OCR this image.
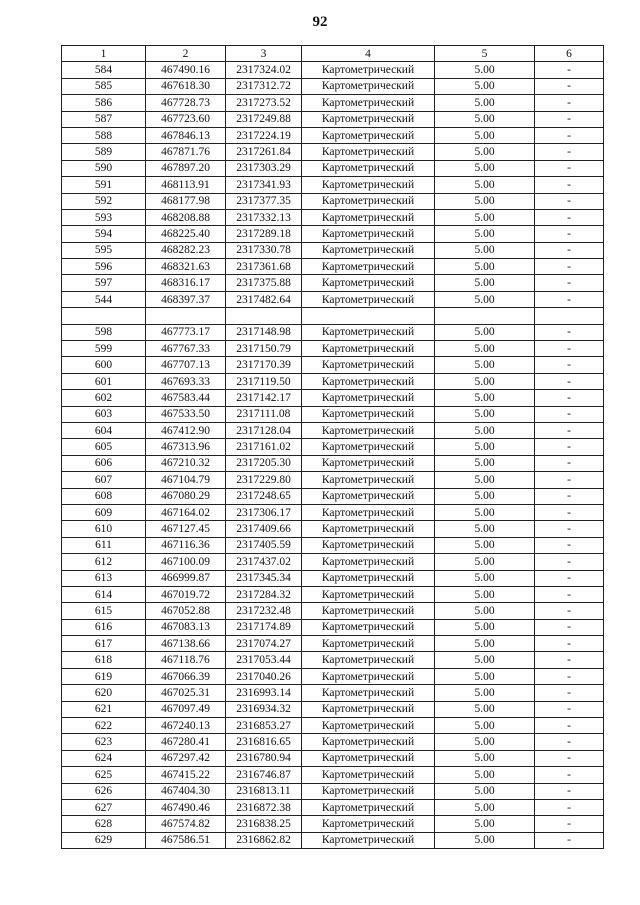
92
1	2	3	4	5	6
584	467490.16	2317324.02	Картометрический	5.00	-
585	467618.30	2317312.72	Картометрический	5.00	-
586	467728.73	2317273.52	Картометрический	5.00	-
587	467723.60	2317249.88	Картометрический	5.00	-
588	467846.13	2317224.19	Картометрический	5.00	-
589	467871.76	2317261.84	Картометрический	5.00	-
590	467897.20	2317303.29	Картометрический	5.00	-
591	468113.91	2317341.93	Картометрический	5.00	-
592	468177.98	2317377.35	Картометрический	5.00	-
593	468208.88	2317332.13	Картометрический	5.00	-
594	468225.40	2317289.18	Картометрический	5.00	-
595	468282.23	2317330.78	Картометрический	5.00	-
596	468321.63	2317361.68	Картометрический	5.00	-
597	468316.17	2317375.88	Картометрический	5.00	-
544	468397.37	2317482.64	Картометрический	5.00	-

598	467773.17	2317148.98	Картометрический	5.00	-
599	467767.33	2317150.79	Картометрический	5.00	-
600	467707.13	2317170.39	Картометрический	5.00	-
601	467693.33	2317119.50	Картометрический	5.00	-
602	467583.44	2317142.17	Картометрический	5.00	-
603	467533.50	2317111.08	Картометрический	5.00	-
604	467412.90	2317128.04	Картометрический	5.00	-
605	467313.96	2317161.02	Картометрический	5.00	-
606	467210.32	2317205.30	Картометрический	5.00	-
607	467104.79	2317229.80	Картометрический	5.00	-
608	467080.29	2317248.65	Картометрический	5.00	-
609	467164.02	2317306.17	Картометрический	5.00	-
610	467127.45	2317409.66	Картометрический	5.00	-
611	467116.36	2317405.59	Картометрический	5.00	-
612	467100.09	2317437.02	Картометрический	5.00	-
613	466999.87	2317345.34	Картометрический	5.00	-
614	467019.72	2317284.32	Картометрический	5.00	-
615	467052.88	2317232.48	Картометрический	5.00	-
616	467083.13	2317174.89	Картометрический	5.00	-
617	467138.66	2317074.27	Картометрический	5.00	-
618	467118.76	2317053.44	Картометрический	5.00	-
619	467066.39	2317040.26	Картометрический	5.00	-
620	467025.31	2316993.14	Картометрический	5.00	-
621	467097.49	2316934.32	Картометрический	5.00	-
622	467240.13	2316853.27	Картометрический	5.00	-
623	467280.41	2316816.65	Картометрический	5.00	-
624	467297.42	2316780.94	Картометрический	5.00	-
625	467415.22	2316746.87	Картометрический	5.00	-
626	467404.30	2316813.11	Картометрический	5.00	-
627	467490.46	2316872.38	Картометрический	5.00	-
628	467574.82	2316838.25	Картометрический	5.00	-
629	467586.51	2316862.82	Картометрический	5.00	-
